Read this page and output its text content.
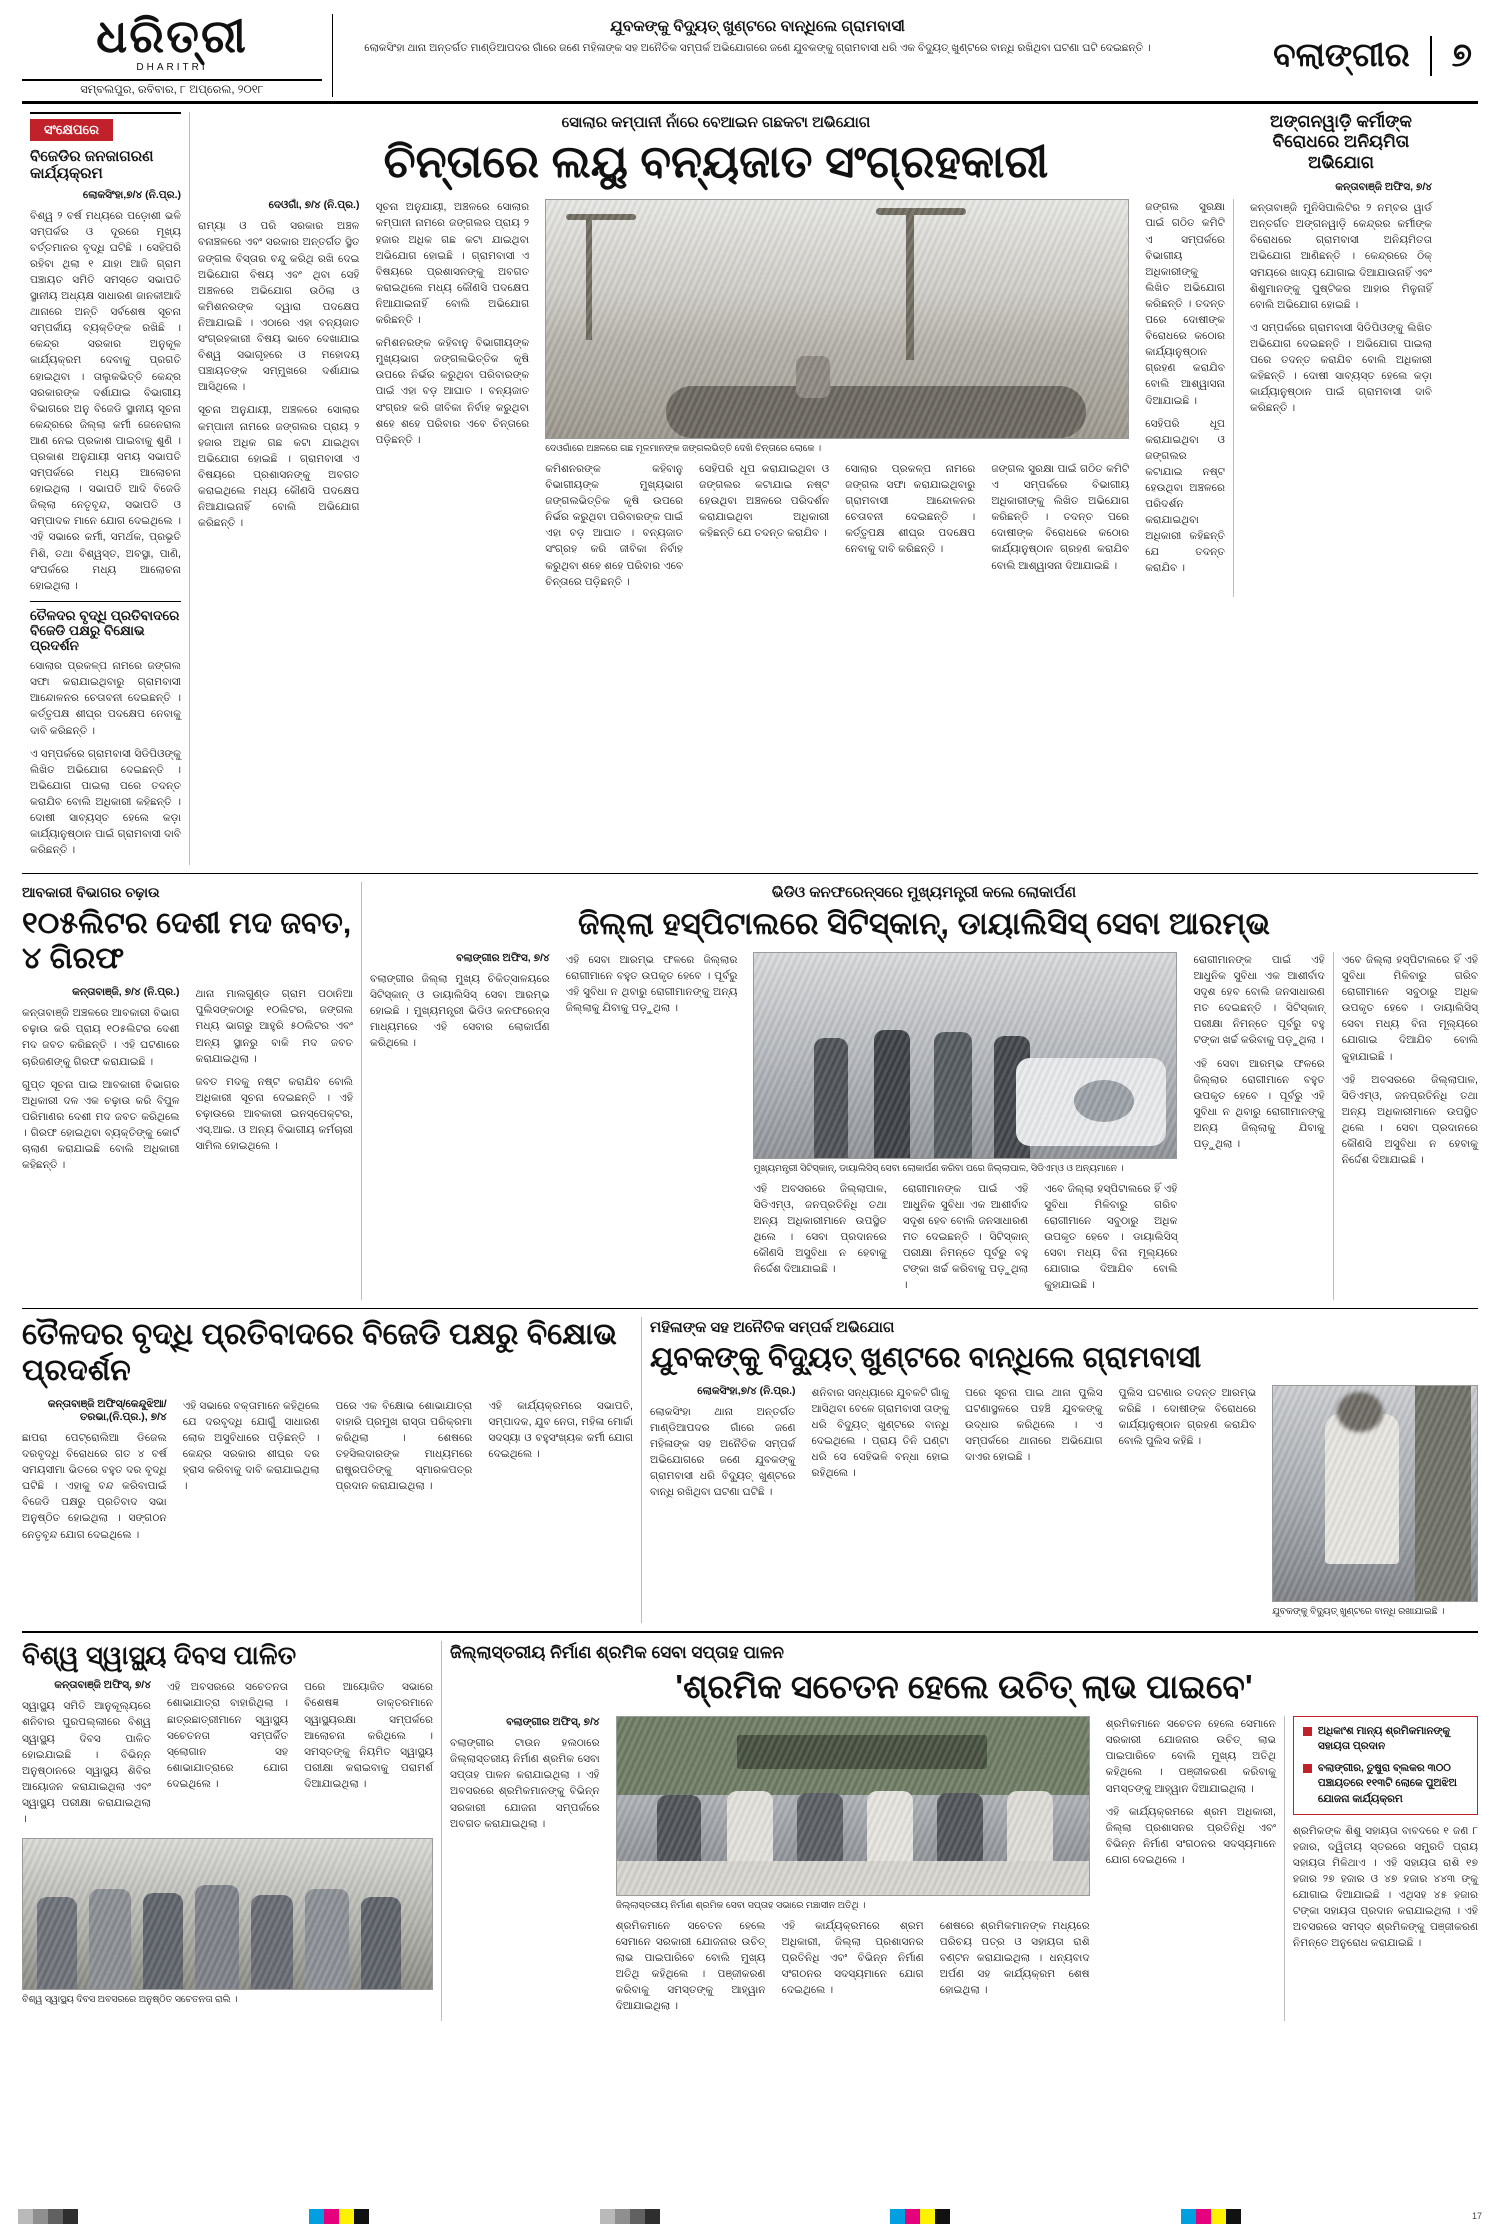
ଧରିତ୍ରୀ
DHARITRI
ସମ୍ବଲପୁର, ରବିବାର, ୮ ଅପ୍ରେଲ, ୨୦୧୮
ଯୁବକଙ୍କୁ ବିଦ୍ୟୁତ୍ ଖୁଣ୍ଟରେ ବାନ୍ଧିଲେ ଗ୍ରାମବାସୀ
ଲୋକସିଂହା ଥାନା ଅନ୍ତର୍ଗତ ମାଣ୍ଡିଆପଦର ଗାଁରେ ଜଣେ ମହିଳାଙ୍କ ସହ ଅନୈତିକ ସମ୍ପର୍କ ଅଭିଯୋଗରେ ଜଣେ ଯୁବକଙ୍କୁ ଗ୍ରାମବାସୀ ଧରି ଏକ ବିଦ୍ୟୁତ୍ ଖୁଣ୍ଟରେ ବାନ୍ଧି ରଖିଥିବା ଘଟଣା ଘଟି ଦେଇଛନ୍ତି ।	ବଲାଙ୍ଗୀର ୭
ସଂକ୍ଷେପରେ
ବିଜେଡିର ଜନଜାଗରଣ କାର୍ଯ୍ୟକ୍ରମ
ଲୋକସିଂହା,୭/୪ (ନି.ପ୍ର.)

ବିଶ୍ୱ ୨ ବର୍ଷ ମଧ୍ୟରେ ପଡ଼ୋଶୀ ଭଳି ସମ୍ପର୍କର ଓ ଦୂରରେ ମୂଖ୍ୟ ବର୍ତ୍ତମାନର ବୃଦ୍ଧି ଘଟିଛି । ସେହିପରି ରହିବା ଥିଲା ୧ ଯାହା ଆଜି ଗ୍ରାମ ପଞ୍ଚାୟତ ସମିତି ସମସ୍ତେ ସଭାପତି ସ୍ଥାନୀୟ ଅଧ୍ୟକ୍ଷ ସାଧାରଣ ଜାନକୀଆଦି ଥାନାରେ ଅନ୍ତି ସର୍ବଶେଷ ସୂଚନା ସମ୍ପର୍କୀୟ ବ୍ୟକ୍ତିଙ୍କ ରଖିଛି । କେନ୍ଦ୍ର ସରକାର ଅନୁକୂଳ କାର୍ଯ୍ୟକ୍ରମ ଦେବାକୁ ପ୍ରଗତି ହୋଇଥିବା । ତାଲୁକଭିତ୍ତି କେନ୍ଦ୍ର ସରକାରଙ୍କ ଦର୍ଶାଯାଇ ବିଭାଗୀୟ ବିଭାଗରେ ଅନୁ ବିଜେଡି ସ୍ଥାନୀୟ ସୂଚନା କେନ୍ଦ୍ରରେ ଜିଲ୍ଲା କର୍ମୀ ଜେନେରାଲ ଆଣ ନେଇ ପ୍ରକାଶ ପାଇବାକୁ ଶୁଣି । ପ୍ରକାଶ ଅନୁଯାୟୀ ସମୟ ସଭାପତି ସମ୍ପର୍କରେ ମଧ୍ୟ ଆଲୋଚନା ହୋଇଥିଲା । ସଭାପତି ଆଦି ବିଜେଡି ଜିଲ୍ଲା ନେତୃବୃନ୍ଦ, ସଭାପତି ଓ ସମ୍ପାଦକ ମାନେ ଯୋଗ ଦେଇଥିଲେ । ଏହି ସଭାରେ କର୍ମୀ, ସମର୍ଥକ, ପ୍ରଭୃତି ମିଶି, ତଥା ବିଶ୍ୱସ୍ତ, ଅବସ୍ଥା, ପାଣି, ସଂପର୍କରେ ମଧ୍ୟ ଆଲୋଚନା ହୋଇଥିଲା ।

ତୈଳଦର ବୃଦ୍ଧି ପ୍ରତିବାଦରେ ବିଜେଡି ପକ୍ଷରୁ ବିକ୍ଷୋଭ ପ୍ରଦର୍ଶନ

ସୋଲାର ପ୍ରକଳ୍ପ ନାମରେ ଜଙ୍ଗଲ ସଫା କରାଯାଇଥିବାରୁ ଗ୍ରାମବାସୀ ଆନ୍ଦୋଳନର ଚେତାବନୀ ଦେଇଛନ୍ତି । କର୍ତ୍ତୃପକ୍ଷ ଶୀଘ୍ର ପଦକ୍ଷେପ ନେବାକୁ ଦାବି କରିଛନ୍ତି ।

ଏ ସମ୍ପର୍କରେ ଗ୍ରାମବାସୀ ସିଡିପିଓଙ୍କୁ ଲିଖିତ ଅଭିଯୋଗ ଦେଇଛନ୍ତି । ଅଭିଯୋଗ ପାଇଲା ପରେ ତଦନ୍ତ କରାଯିବ ବୋଲି ଅଧିକାରୀ କହିଛନ୍ତି । ଦୋଷୀ ସାବ୍ୟସ୍ତ ହେଲେ କଡ଼ା କାର୍ଯ୍ୟାନୁଷ୍ଠାନ ପାଇଁ ଗ୍ରାମବାସୀ ଦାବି କରିଛନ୍ତି ।

ସୋଲାର କମ୍ପାନୀ ନାଁରେ ବେଆଇନ ଗଛକଟା ଅଭିଯୋଗ
ଚିନ୍ତାରେ ଲୟୁ ବନ୍ୟଜାତ ସଂଗ୍ରହକାରୀ
ଦେଓଗାଁ, ୭/୪ (ନି.ପ୍ର.)

ରାମ୍ୟା ଓ ପରି ସରକାର ଅଞ୍ଚଳ ବନାଞ୍ଚଳରେ ଏବଂ ସରକାର ଅନ୍ତର୍ଗତ ସ୍ଥିତ ଜଙ୍ଗଲ ବିସ୍ତାର ବନ୍ଦୁ କରିଥି ରଖି ଦେଇ ଅଭିଯୋଗ ବିଷୟ ଏବଂ ଥିବା ସେହି ଅଞ୍ଚଳରେ ଅଭିଯୋଗ ଉଠିଲା ଓ କମିଶନରଙ୍କ ଦ୍ୱାରା ପଦକ୍ଷେପ ନିଆଯାଇଛି । ଏଠାରେ ଏହା ବନ୍ୟଜାତ ସଂଗ୍ରହକାରୀ ବିଷୟ ଭାବେ ଦେଖାଯାଇ ବିଶ୍ୱ ସଭାଗୃହରେ ଓ ମହୋଦୟ ପଞ୍ଚାୟତଙ୍କ ସମ୍ମୁଖରେ ଦର୍ଶାଯାଇ ଆସିଥିଲେ ।

ସୂଚନା ଅନୁଯାୟୀ, ଅଞ୍ଚଳରେ ସୋଲାର କମ୍ପାନୀ ନାମରେ ଜଙ୍ଗଲର ପ୍ରାୟ ୨ ହଜାର ଅଧିକ ଗଛ କଟା ଯାଇଥିବା ଅଭିଯୋଗ ହୋଇଛି । ଗ୍ରାମବାସୀ ଏ ବିଷୟରେ ପ୍ରଶାସନଙ୍କୁ ଅବଗତ କରାଇଥିଲେ ମଧ୍ୟ କୌଣସି ପଦକ୍ଷେପ ନିଆଯାଇନାହିଁ ବୋଲି ଅଭିଯୋଗ କରିଛନ୍ତି ।

ସୂଚନା ଅନୁଯାୟୀ, ଅଞ୍ଚଳରେ ସୋଲାର କମ୍ପାନୀ ନାମରେ ଜଙ୍ଗଲର ପ୍ରାୟ ୨ ହଜାର ଅଧିକ ଗଛ କଟା ଯାଇଥିବା ଅଭିଯୋଗ ହୋଇଛି । ଗ୍ରାମବାସୀ ଏ ବିଷୟରେ ପ୍ରଶାସନଙ୍କୁ ଅବଗତ କରାଇଥିଲେ ମଧ୍ୟ କୌଣସି ପଦକ୍ଷେପ ନିଆଯାଇନାହିଁ ବୋଲି ଅଭିଯୋଗ କରିଛନ୍ତି ।

କମିଶନରଙ୍କ କହିବାନୁ ବିଭାଗୀୟଙ୍କ ମୁଖ୍ୟଭାଗ ଜଙ୍ଗଲଭିତ୍ତିକ କୃଷି ଉପରେ ନିର୍ଭର କରୁଥିବା ପରିବାରଙ୍କ ପାଇଁ ଏହା ବଡ଼ ଆଘାତ । ବନ୍ୟଜାତ ସଂଗ୍ରହ କରି ଜୀବିକା ନିର୍ବାହ କରୁଥିବା ଶହେ ଶହେ ପରିବାର ଏବେ ଚିନ୍ତାରେ ପଡ଼ିଛନ୍ତି ।

ଦେଓଗାଁରେ ଅଞ୍ଚଳରେ ଗଛ ମୂଳମାନଙ୍କ ଜଙ୍ଗଲଭିତ୍ତି ଦେଖି ଚିନ୍ତାରେ ଲୋକେ ।

କମିଶନରଙ୍କ କହିବାନୁ ବିଭାଗୀୟଙ୍କ ମୁଖ୍ୟଭାଗ ଜଙ୍ଗଲଭିତ୍ତିକ କୃଷି ଉପରେ ନିର୍ଭର କରୁଥିବା ପରିବାରଙ୍କ ପାଇଁ ଏହା ବଡ଼ ଆଘାତ । ବନ୍ୟଜାତ ସଂଗ୍ରହ କରି ଜୀବିକା ନିର୍ବାହ କରୁଥିବା ଶହେ ଶହେ ପରିବାର ଏବେ ଚିନ୍ତାରେ ପଡ଼ିଛନ୍ତି ।

ସେହିପରି ଧୂପ କରାଯାଇଥିବା ଓ ଜଙ୍ଗଲର କଟାଯାଇ ନଷ୍ଟ ହେଉଥିବା ଅଞ୍ଚଳରେ ପରିଦର୍ଶନ କରାଯାଇଥିବା ଅଧିକାରୀ କହିଛନ୍ତି ଯେ ତଦନ୍ତ କରାଯିବ ।

ସୋଲାର ପ୍ରକଳ୍ପ ନାମରେ ଜଙ୍ଗଲ ସଫା କରାଯାଇଥିବାରୁ ଗ୍ରାମବାସୀ ଆନ୍ଦୋଳନର ଚେତାବନୀ ଦେଇଛନ୍ତି । କର୍ତ୍ତୃପକ୍ଷ ଶୀଘ୍ର ପଦକ୍ଷେପ ନେବାକୁ ଦାବି କରିଛନ୍ତି ।

ଜଙ୍ଗଲ ସୁରକ୍ଷା ପାଇଁ ଗଠିତ କମିଟି ଏ ସମ୍ପର୍କରେ ବିଭାଗୀୟ ଅଧିକାରୀଙ୍କୁ ଲିଖିତ ଅଭିଯୋଗ କରିଛନ୍ତି । ତଦନ୍ତ ପରେ ଦୋଷୀଙ୍କ ବିରୋଧରେ କଠୋର କାର୍ଯ୍ୟାନୁଷ୍ଠାନ ଗ୍ରହଣ କରାଯିବ ବୋଲି ଆଶ୍ୱାସନା ଦିଆଯାଇଛି ।

ଜଙ୍ଗଲ ସୁରକ୍ଷା ପାଇଁ ଗଠିତ କମିଟି ଏ ସମ୍ପର୍କରେ ବିଭାଗୀୟ ଅଧିକାରୀଙ୍କୁ ଲିଖିତ ଅଭିଯୋଗ କରିଛନ୍ତି । ତଦନ୍ତ ପରେ ଦୋଷୀଙ୍କ ବିରୋଧରେ କଠୋର କାର୍ଯ୍ୟାନୁଷ୍ଠାନ ଗ୍ରହଣ କରାଯିବ ବୋଲି ଆଶ୍ୱାସନା ଦିଆଯାଇଛି ।

ସେହିପରି ଧୂପ କରାଯାଇଥିବା ଓ ଜଙ୍ଗଲର କଟାଯାଇ ନଷ୍ଟ ହେଉଥିବା ଅଞ୍ଚଳରେ ପରିଦର୍ଶନ କରାଯାଇଥିବା ଅଧିକାରୀ କହିଛନ୍ତି ଯେ ତଦନ୍ତ କରାଯିବ ।

ଅଙ୍ଗନୱାଡ଼ି କର୍ମୀଙ୍କ ବିରୋଧରେ ଅନିୟମିତା ଅଭିଯୋଗ
କନ୍ତାବାଞ୍ଜି ଅଫିସ, ୭/୪

କନ୍ତାବାଞ୍ଜି ମୁନିସିପାଲିଟିର ୨ ନମ୍ବର ୱାର୍ଡ ଅନ୍ତର୍ଗତ ଅଙ୍ଗନୱାଡ଼ି କେନ୍ଦ୍ରର କର୍ମୀଙ୍କ ବିରୋଧରେ ଗ୍ରାମବାସୀ ଅନିୟମିତତା ଅଭିଯୋଗ ଆଣିଛନ୍ତି । କେନ୍ଦ୍ରରେ ଠିକ୍ ସମୟରେ ଖାଦ୍ୟ ଯୋଗାଇ ଦିଆଯାଉନାହିଁ ଏବଂ ଶିଶୁମାନଙ୍କୁ ପୁଷ୍ଟିକର ଆହାର ମିଳୁନାହିଁ ବୋଲି ଅଭିଯୋଗ ହୋଇଛି ।

ଏ ସମ୍ପର୍କରେ ଗ୍ରାମବାସୀ ସିଡିପିଓଙ୍କୁ ଲିଖିତ ଅଭିଯୋଗ ଦେଇଛନ୍ତି । ଅଭିଯୋଗ ପାଇଲା ପରେ ତଦନ୍ତ କରାଯିବ ବୋଲି ଅଧିକାରୀ କହିଛନ୍ତି । ଦୋଷୀ ସାବ୍ୟସ୍ତ ହେଲେ କଡ଼ା କାର୍ଯ୍ୟାନୁଷ୍ଠାନ ପାଇଁ ଗ୍ରାମବାସୀ ଦାବି କରିଛନ୍ତି ।

ଆବକାରୀ ବିଭାଗର ଚଢ଼ାଉ
୧୦୫ଲିଟର ଦେଶୀ ମଦ ଜବତ, ୪ ଗିରଫ
କନ୍ତାବାଞ୍ଜି, ୭/୪ (ନି.ପ୍ର.)

କନ୍ତାବାଞ୍ଜି ଅଞ୍ଚଳରେ ଆବକାରୀ ବିଭାଗ ଚଢ଼ାଉ କରି ପ୍ରାୟ ୧୦୫ଲିଟର ଦେଶୀ ମଦ ଜବତ କରିଛନ୍ତି । ଏହି ଘଟଣାରେ ଚାରିଜଣଙ୍କୁ ଗିରଫ କରାଯାଇଛି ।

ଗୁପ୍ତ ସୂଚନା ପାଇ ଆବକାରୀ ବିଭାଗର ଅଧିକାରୀ ଦଳ ଏକ ଚଢ଼ାଉ କରି ବିପୁଳ ପରିମାଣର ଦେଶୀ ମଦ ଜବତ କରିଥିଲେ । ଗିରଫ ହୋଇଥିବା ବ୍ୟକ୍ତିଙ୍କୁ କୋର୍ଟ ଚାଲାଣ କରାଯାଇଛି ବୋଲି ଅଧିକାରୀ କହିଛନ୍ତି ।

ଥାନା ମାଲଗୁଣ୍ଡ ଗ୍ରାମ ପଠାନିଆ ପୁଲିସଙ୍କଠାରୁ ୧୦ଲିଟର, ଜଙ୍ଗଲ ମଧ୍ୟ ଭାଗରୁ ଆହୁରି ୫୦ଲିଟର ଏବଂ ଅନ୍ୟ ସ୍ଥାନରୁ ବାକି ମଦ ଜବତ କରାଯାଇଥିଲା ।

ଜବତ ମଦକୁ ନଷ୍ଟ କରାଯିବ ବୋଲି ଅଧିକାରୀ ସୂଚନା ଦେଇଛନ୍ତି । ଏହି ଚଢ଼ାଉରେ ଆବକାରୀ ଇନସ୍ପେକ୍ଟର, ଏସ୍.ଆଇ. ଓ ଅନ୍ୟ ବିଭାଗୀୟ କର୍ମଚାରୀ ସାମିଲ ହୋଇଥିଲେ ।

ଭିଡିଓ କନଫରେନ୍ସରେ ମୁଖ୍ୟମନ୍ତ୍ରୀ କଲେ ଲୋକାର୍ପଣ
ଜିଲ୍ଲା ହସ୍ପିଟାଲରେ ସିଟିସ୍କାନ୍, ଡାୟାଲିସିସ୍ ସେବା ଆରମ୍ଭ
ବଲାଙ୍ଗୀର ଅଫିସ, ୭/୪

ବଲାଙ୍ଗୀର ଜିଲ୍ଲା ମୁଖ୍ୟ ଚିକିତ୍ସାଳୟରେ ସିଟିସ୍କାନ୍ ଓ ଡାୟାଲିସିସ୍ ସେବା ଆରମ୍ଭ ହୋଇଛି । ମୁଖ୍ୟମନ୍ତ୍ରୀ ଭିଡିଓ କନଫରେନ୍ସ ମାଧ୍ୟମରେ ଏହି ସେବାର ଲୋକାର୍ପଣ କରିଥିଲେ ।

ଏହି ସେବା ଆରମ୍ଭ ଫଳରେ ଜିଲ୍ଲାର ରୋଗୀମାନେ ବହୁତ ଉପକୃତ ହେବେ । ପୂର୍ବରୁ ଏହି ସୁବିଧା ନ ଥିବାରୁ ରୋଗୀମାନଙ୍କୁ ଅନ୍ୟ ଜିଲ୍ଲାକୁ ଯିବାକୁ ପଡ଼ୁଥିଲା ।

ମୁଖ୍ୟମନ୍ତ୍ରୀ ସିଟିସ୍କାନ୍, ଡାୟାଲିସିସ୍ ସେବା ଲୋକାର୍ପଣ କରିବା ପରେ ଜିଲ୍ଲାପାଳ, ସିଡିଏମ୍ଓ ଓ ଅନ୍ୟମାନେ ।

ଏହି ଅବସରରେ ଜିଲ୍ଲାପାଳ, ସିଡିଏମ୍ଓ, ଜନପ୍ରତିନିଧି ତଥା ଅନ୍ୟ ଅଧିକାରୀମାନେ ଉପସ୍ଥିତ ଥିଲେ । ସେବା ପ୍ରଦାନରେ କୌଣସି ଅସୁବିଧା ନ ହେବାକୁ ନିର୍ଦ୍ଦେଶ ଦିଆଯାଇଛି ।

ରୋଗୀମାନଙ୍କ ପାଇଁ ଏହି ଆଧୁନିକ ସୁବିଧା ଏକ ଆଶୀର୍ବାଦ ସଦୃଶ ହେବ ବୋଲି ଜନସାଧାରଣ ମତ ଦେଇଛନ୍ତି । ସିଟିସ୍କାନ୍ ପରୀକ୍ଷା ନିମନ୍ତେ ପୂର୍ବରୁ ବହୁ ଟଙ୍କା ଖର୍ଚ୍ଚ କରିବାକୁ ପଡ଼ୁଥିଲା ।

ଏବେ ଜିଲ୍ଲା ହସ୍ପିଟାଲରେ ହିଁ ଏହି ସୁବିଧା ମିଳିବାରୁ ଗରିବ ରୋଗୀମାନେ ସବୁଠାରୁ ଅଧିକ ଉପକୃତ ହେବେ । ଡାୟାଲିସିସ୍ ସେବା ମଧ୍ୟ ବିନା ମୂଲ୍ୟରେ ଯୋଗାଇ ଦିଆଯିବ ବୋଲି କୁହାଯାଇଛି ।

ରୋଗୀମାନଙ୍କ ପାଇଁ ଏହି ଆଧୁନିକ ସୁବିଧା ଏକ ଆଶୀର୍ବାଦ ସଦୃଶ ହେବ ବୋଲି ଜନସାଧାରଣ ମତ ଦେଇଛନ୍ତି । ସିଟିସ୍କାନ୍ ପରୀକ୍ଷା ନିମନ୍ତେ ପୂର୍ବରୁ ବହୁ ଟଙ୍କା ଖର୍ଚ୍ଚ କରିବାକୁ ପଡ଼ୁଥିଲା ।

ଏହି ସେବା ଆରମ୍ଭ ଫଳରେ ଜିଲ୍ଲାର ରୋଗୀମାନେ ବହୁତ ଉପକୃତ ହେବେ । ପୂର୍ବରୁ ଏହି ସୁବିଧା ନ ଥିବାରୁ ରୋଗୀମାନଙ୍କୁ ଅନ୍ୟ ଜିଲ୍ଲାକୁ ଯିବାକୁ ପଡ଼ୁଥିଲା ।

ଏବେ ଜିଲ୍ଲା ହସ୍ପିଟାଲରେ ହିଁ ଏହି ସୁବିଧା ମିଳିବାରୁ ଗରିବ ରୋଗୀମାନେ ସବୁଠାରୁ ଅଧିକ ଉପକୃତ ହେବେ । ଡାୟାଲିସିସ୍ ସେବା ମଧ୍ୟ ବିନା ମୂଲ୍ୟରେ ଯୋଗାଇ ଦିଆଯିବ ବୋଲି କୁହାଯାଇଛି ।

ଏହି ଅବସରରେ ଜିଲ୍ଲାପାଳ, ସିଡିଏମ୍ଓ, ଜନପ୍ରତିନିଧି ତଥା ଅନ୍ୟ ଅଧିକାରୀମାନେ ଉପସ୍ଥିତ ଥିଲେ । ସେବା ପ୍ରଦାନରେ କୌଣସି ଅସୁବିଧା ନ ହେବାକୁ ନିର୍ଦ୍ଦେଶ ଦିଆଯାଇଛି ।

ତୈଳଦର ବୃଦ୍ଧି ପ୍ରତିବାଦରେ ବିଜେଡି ପକ୍ଷରୁ ବିକ୍ଷୋଭ ପ୍ରଦର୍ଶନ
କନ୍ତାବାଞ୍ଜି ଅଫିସ୍/କେନ୍ଦୁଝିଆ/ତରଭା,(ନି.ପ୍ର.), ୭/୪

ଛାପରା ପେଟ୍ରୋଲିଆ ଡିଜେଲ ଦରବୃଦ୍ଧି ବିରୋଧରେ ଗତ ୪ ବର୍ଷ ସମୟସୀମା ଭିତରେ ବହୁତ ଦର ବୃଦ୍ଧି ଘଟିଛି । ଏହାକୁ ବନ୍ଦ କରିବାପାଇଁ ବିଜେଡି ପକ୍ଷରୁ ପ୍ରତିବାଦ ସଭା ଅନୁଷ୍ଠିତ ହୋଇଥିଲା । ସଙ୍ଗଠନ ନେତୃବୃନ୍ଦ ଯୋଗ ଦେଇଥିଲେ ।

ଏହି ସଭାରେ ବକ୍ତାମାନେ କହିଥିଲେ ଯେ ଦରବୃଦ୍ଧି ଯୋଗୁଁ ସାଧାରଣ ଲୋକ ଅସୁବିଧାରେ ପଡ଼ିଛନ୍ତି । କେନ୍ଦ୍ର ସରକାର ଶୀଘ୍ର ଦର ହ୍ରାସ କରିବାକୁ ଦାବି କରାଯାଇଥିଲା ।

ପରେ ଏକ ବିକ୍ଷୋଭ ଶୋଭାଯାତ୍ରା ବାହାରି ପ୍ରମୁଖ ରାସ୍ତା ପରିକ୍ରମା କରିଥିଲା । ଶେଷରେ ତହସିଲଦାରଙ୍କ ମାଧ୍ୟମରେ ରାଷ୍ଟ୍ରପତିଙ୍କୁ ସ୍ମାରକପତ୍ର ପ୍ରଦାନ କରାଯାଇଥିଲା ।

ଏହି କାର୍ଯ୍ୟକ୍ରମରେ ସଭାପତି, ସମ୍ପାଦକ, ଯୁବ ନେତା, ମହିଳା ମୋର୍ଚ୍ଚା ସଦସ୍ୟା ଓ ବହୁସଂଖ୍ୟକ କର୍ମୀ ଯୋଗ ଦେଇଥିଲେ ।

ମହିଳାଙ୍କ ସହ ଅନୈତିକ ସମ୍ପର୍କ ଅଭିଯୋଗ
ଯୁବକଙ୍କୁ ବିଦ୍ୟୁତ୍ ଖୁଣ୍ଟରେ ବାନ୍ଧିଲେ ଗ୍ରାମବାସୀ
ଲୋକସିଂହା,୭/୪ (ନି.ପ୍ର.)

ଲୋକସିଂହା ଥାନା ଅନ୍ତର୍ଗତ ମାଣ୍ଡିଆପଦର ଗାଁରେ ଜଣେ ମହିଳାଙ୍କ ସହ ଅନୈତିକ ସମ୍ପର୍କ ଅଭିଯୋଗରେ ଜଣେ ଯୁବକଙ୍କୁ ଗ୍ରାମବାସୀ ଧରି ବିଦ୍ୟୁତ୍ ଖୁଣ୍ଟରେ ବାନ୍ଧି ରଖିଥିବା ଘଟଣା ଘଟିଛି ।

ଶନିବାର ସନ୍ଧ୍ୟାରେ ଯୁବକଟି ଗାଁକୁ ଆସିଥିବା ବେଳେ ଗ୍ରାମବାସୀ ତାଙ୍କୁ ଧରି ବିଦ୍ୟୁତ୍ ଖୁଣ୍ଟରେ ବାନ୍ଧି ଦେଇଥିଲେ । ପ୍ରାୟ ତିନି ଘଣ୍ଟା ଧରି ସେ ସେହିଭଳି ବନ୍ଧା ହୋଇ ରହିଥିଲେ ।

ପରେ ସୂଚନା ପାଇ ଥାନା ପୁଲିସ ଘଟଣାସ୍ଥଳରେ ପହଞ୍ଚି ଯୁବକଙ୍କୁ ଉଦ୍ଧାର କରିଥିଲେ । ଏ ସମ୍ପର୍କରେ ଥାନାରେ ଅଭିଯୋଗ ଦାଏର ହୋଇଛି ।

ପୁଲିସ ଘଟଣାର ତଦନ୍ତ ଆରମ୍ଭ କରିଛି । ଦୋଷୀଙ୍କ ବିରୋଧରେ କାର୍ଯ୍ୟାନୁଷ୍ଠାନ ଗ୍ରହଣ କରାଯିବ ବୋଲି ପୁଲିସ କହିଛି ।

ଯୁବକଙ୍କୁ ବିଦ୍ୟୁତ୍ ଖୁଣ୍ଟରେ ବାନ୍ଧି ରଖାଯାଇଛି ।
ବିଶ୍ୱ ସ୍ୱାସ୍ଥ୍ୟ ଦିବସ ପାଳିତ
କନ୍ତାବାଞ୍ଜି ଅଫିସ୍, ୭/୪

ସ୍ୱାସ୍ଥ୍ୟ ସମିତି ଆନୁକୂଲ୍ୟରେ ଶନିବାର ପୁରପଲ୍ଲୀରେ ବିଶ୍ୱ ସ୍ୱାସ୍ଥ୍ୟ ଦିବସ ପାଳିତ ହୋଇଯାଇଛି । ବିଭିନ୍ନ ଅନୁଷ୍ଠାନରେ ସ୍ୱାସ୍ଥ୍ୟ ଶିବିର ଆୟୋଜନ କରାଯାଇଥିଲା ଏବଂ ସ୍ୱାସ୍ଥ୍ୟ ପରୀକ୍ଷା କରାଯାଇଥିଲା ।

ଏହି ଅବସରରେ ସଚେତନତା ଶୋଭାଯାତ୍ରା ବାହାରିଥିଲା । ଛାତ୍ରଛାତ୍ରୀମାନେ ସ୍ୱାସ୍ଥ୍ୟ ସଚେତନତା ସମ୍ପର୍କିତ ସ୍ଲୋଗାନ ସହ ଶୋଭାଯାତ୍ରାରେ ଯୋଗ ଦେଇଥିଲେ ।

ପରେ ଆୟୋଜିତ ସଭାରେ ବିଶେଷଜ୍ଞ ଡାକ୍ତରମାନେ ସ୍ୱାସ୍ଥ୍ୟରକ୍ଷା ସମ୍ପର୍କରେ ଆଲୋଚନା କରିଥିଲେ । ସମସ୍ତଙ୍କୁ ନିୟମିତ ସ୍ୱାସ୍ଥ୍ୟ ପରୀକ୍ଷା କରାଇବାକୁ ପରାମର୍ଶ ଦିଆଯାଇଥିଲା ।

ବିଶ୍ୱ ସ୍ୱାସ୍ଥ୍ୟ ଦିବସ ଅବସରରେ ଅନୁଷ୍ଠିତ ସଚେତନତା ରାଲି ।
ଜିଲ୍ଲାସ୍ତରୀୟ ନିର୍ମାଣ ଶ୍ରମିକ ସେବା ସପ୍ତାହ ପାଳନ
'ଶ୍ରମିକ ସଚେତନ ହେଲେ ଉଚିତ୍ ଲାଭ ପାଇବେ'
ବଲାଙ୍ଗୀର ଅଫିସ୍, ୭/୪

ବଲାଙ୍ଗୀର ଟାଉନ ହଲଠାରେ ଜିଲ୍ଲାସ୍ତରୀୟ ନିର୍ମାଣ ଶ୍ରମିକ ସେବା ସପ୍ତାହ ପାଳନ କରାଯାଇଥିଲା । ଏହି ଅବସରରେ ଶ୍ରମିକମାନଙ୍କୁ ବିଭିନ୍ନ ସରକାରୀ ଯୋଜନା ସମ୍ପର୍କରେ ଅବଗତ କରାଯାଇଥିଲା ।

ଜିଲ୍ଲାସ୍ତରୀୟ ନିର୍ମାଣ ଶ୍ରମିକ ସେବା ସପ୍ତାହ ସଭାରେ ମଞ୍ଚାସୀନ ଅତିଥି ।

ଶ୍ରମିକମାନେ ସଚେତନ ହେଲେ ସେମାନେ ସରକାରୀ ଯୋଜନାର ଉଚିତ୍ ଲାଭ ପାଇପାରିବେ ବୋଲି ମୁଖ୍ୟ ଅତିଥି କହିଥିଲେ । ପଞ୍ଜୀକରଣ କରିବାକୁ ସମସ୍ତଙ୍କୁ ଆହ୍ୱାନ ଦିଆଯାଇଥିଲା ।

ଏହି କାର୍ଯ୍ୟକ୍ରମରେ ଶ୍ରମ ଅଧିକାରୀ, ଜିଲ୍ଲା ପ୍ରଶାସନର ପ୍ରତିନିଧି ଏବଂ ବିଭିନ୍ନ ନିର୍ମାଣ ସଂଗଠନର ସଦସ୍ୟମାନେ ଯୋଗ ଦେଇଥିଲେ ।

ଶେଷରେ ଶ୍ରମିକମାନଙ୍କ ମଧ୍ୟରେ ପରିଚୟ ପତ୍ର ଓ ସହାୟତା ରାଶି ବଣ୍ଟନ କରାଯାଇଥିଲା । ଧନ୍ୟବାଦ ଅର୍ପଣ ସହ କାର୍ଯ୍ୟକ୍ରମ ଶେଷ ହୋଇଥିଲା ।

ଶ୍ରମିକମାନେ ସଚେତନ ହେଲେ ସେମାନେ ସରକାରୀ ଯୋଜନାର ଉଚିତ୍ ଲାଭ ପାଇପାରିବେ ବୋଲି ମୁଖ୍ୟ ଅତିଥି କହିଥିଲେ । ପଞ୍ଜୀକରଣ କରିବାକୁ ସମସ୍ତଙ୍କୁ ଆହ୍ୱାନ ଦିଆଯାଇଥିଲା ।

ଏହି କାର୍ଯ୍ୟକ୍ରମରେ ଶ୍ରମ ଅଧିକାରୀ, ଜିଲ୍ଲା ପ୍ରଶାସନର ପ୍ରତିନିଧି ଏବଂ ବିଭିନ୍ନ ନିର୍ମାଣ ସଂଗଠନର ସଦସ୍ୟମାନେ ଯୋଗ ଦେଇଥିଲେ ।

ଅଧିକାଂଶ ମାନ୍ୟ ଶ୍ରମିକମାନଙ୍କୁ ସହାୟତା ପ୍ରଦାନ
ବଲାଙ୍ଗୀର, ତୁଷୁରା ବ୍ଲକର ୩୦୦ ପଞ୍ଚାୟତରେ ୧୧୩ଟି ଲୋକେ ପୁଅଝିଅ ଯୋଜନା କାର୍ଯ୍ୟକ୍ରମ

ଶ୍ରମିକଙ୍କ ଶିଶୁ ସହାୟତା ବାବଦରେ ୧ ଜଣ ୮ ହଜାର, ଦ୍ୱିତୀୟ ସ୍ତରରେ ସମ୍ପ୍ରତି ପ୍ରାୟ ସହାୟତା ମିଳିଥାଏ । ଏହି ସହାୟତା ରାଶି ୧୭ ହଜାର ୨୭ ହଜାର ଓ ୪୭ ହଜାର ୪୪୩ ଙ୍କୁ ଯୋଗାଇ ଦିଆଯାଇଛି । ଏଥିସହ ୪୫ ହଜାର ଟଙ୍କା ସହାୟତା ପ୍ରଦାନ କରାଯାଇଥିଲା । ଏହି ଅବସରରେ ସମସ୍ତ ଶ୍ରମିକଙ୍କୁ ପଞ୍ଜୀକରଣ ନିମନ୍ତେ ଅନୁରୋଧ କରାଯାଇଛି ।

17
